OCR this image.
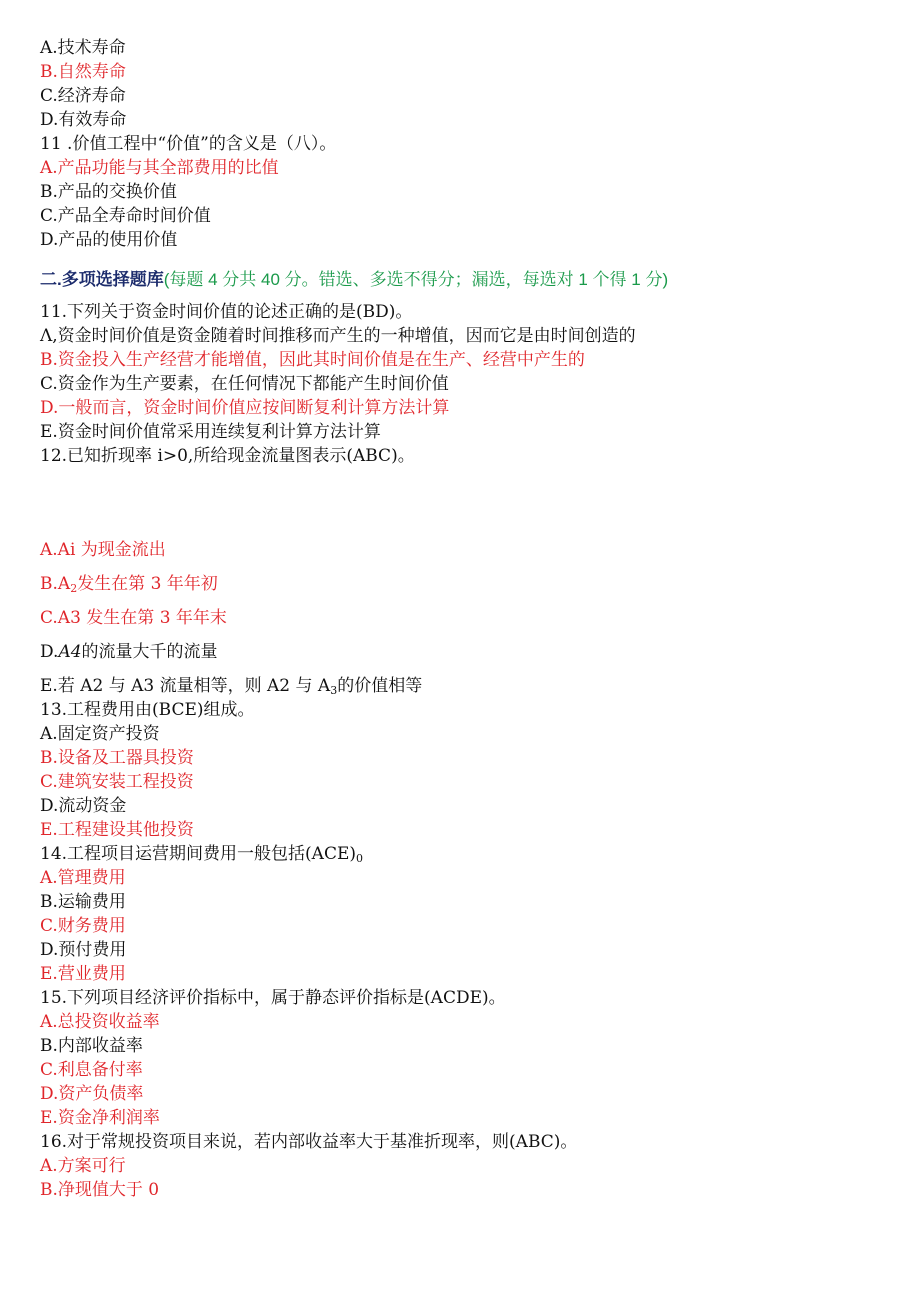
A.技术寿命
B.自然寿命
C.经济寿命
D.有效寿命
11 .价值工程中“价值”的含义是（八）。
A.产品功能与其全部费用的比值
B.产品的交换价值
C.产品全寿命时间价值
D.产品的使用价值
二.多项选择题库(每题 4 分共 40 分。错选、多选不得分；漏选，每选对 1 个得 1 分)
11.下列关于资金时间价值的论述正确的是(BD)。
Λ,资金时间价值是资金随着时间推移而产生的一种增值，因而它是由时间创造的
B.资金投入生产经营才能增值，因此其时间价值是在生产、经营中产生的
C.资金作为生产要素，在任何情况下都能产生时间价值
D.一般而言，资金时间价值应按间断复利计算方法计算
E.资金时间价值常采用连续复利计算方法计算
12.已知折现率 i>0,所给现金流量图表示(ABC)。
A.Ai 为现金流出
$B.A_2$发生在第 3 年年初
C.A3 发生在第 3 年年末
D.A4的流量大千的流量
E.若 A2 与 A3 流量相等，则 A2 与 $A_3$的价值相等
13.工程费用由(BCE)组成。
A.固定资产投资
B.设备及工器具投资
C.建筑安装工程投资
D.流动资金
E.工程建设其他投资
14.工程项目运营期间费用一般包括$(ACE)_0$
A.管理费用
B.运输费用
C.财务费用
D.预付费用
E.营业费用
15.下列项目经济评价指标中，属于静态评价指标是(ACDE)。
A.总投资收益率
B.内部收益率
C.利息备付率
D.资产负债率
E.资金净利润率
16.对于常规投资项目来说，若内部收益率大于基准折现率，则(ABC)。
A.方案可行
B.净现值大于 0
